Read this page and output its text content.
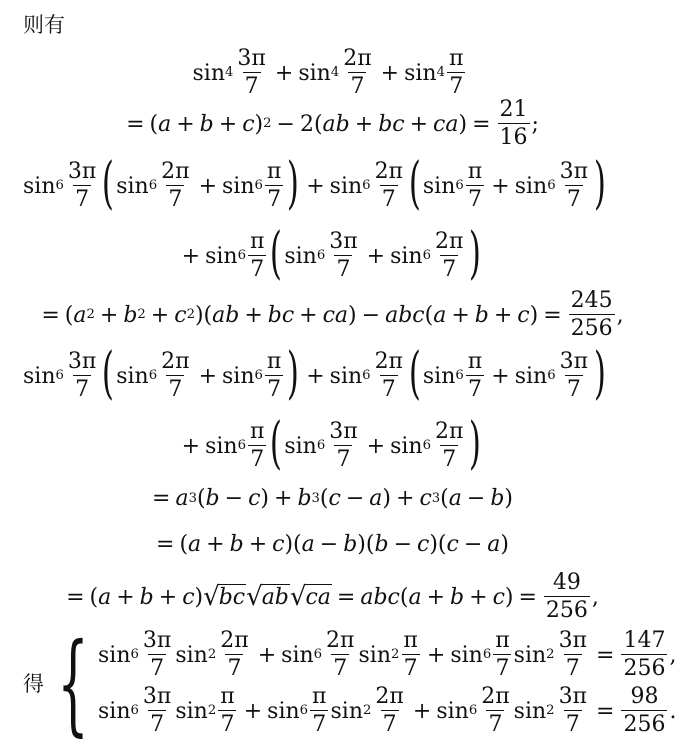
则有
$\sin 4 \frac{3\pi}{7} + \sin 4 \frac{2\pi}{7} + \sin 4 \frac{\pi}{7}$
= ( a + b + c ) 2 − 2( ab + bc + ca ) = $\frac{21}{16}$ ;
$\sin 6 \frac{3\pi}{7}$ ( $\sin 6 \frac{2\pi}{7} + \sin 6 \frac{\pi}{7}$ ) + $\sin 6 \frac{2\pi}{7}$ ( $\sin 6 \frac{\pi}{7} + \sin 6 \frac{3\pi}{7}$ )
+ $\sin 6 \frac{\pi}{7}$ ( $\sin 6 \frac{3\pi}{7} + \sin 6 \frac{2\pi}{7}$ )
= ( a 2 + b 2 + c 2 )( ab + bc + ca ) − abc ( a + b + c ) = $\frac{245}{256}$ ,
$\sin 6 \frac{3\pi}{7}$ ( $\sin 6 \frac{2\pi}{7} + \sin 6 \frac{\pi}{7}$ ) + $\sin 6 \frac{2\pi}{7}$ ( $\sin 6 \frac{\pi}{7} + \sin 6 \frac{3\pi}{7}$ )
+ $\sin 6 \frac{\pi}{7}$ ( $\sin 6 \frac{3\pi}{7} + \sin 6 \frac{2\pi}{7}$ )
= a 3 ( b − c ) + b 3 ( c − a ) + c 3 ( a − b )
= ( a + b + c )( a − b )( b − c )( c − a )
= ( a + b + c ) √ bc √ ab √ ca = abc ( a + b + c ) = $\frac{49}{256}$ ,
得 { $\sin 6 \frac{3\pi}{7}$ $\sin 2 \frac{2\pi}{7} + \sin 6 \frac{2\pi}{7}$ $\sin 2 \frac{\pi}{7} + \sin 6 \frac{\pi}{7}$ $\sin 2 \frac{3\pi}{7} = \frac{147}{256}$ ,
$\sin 6 \frac{3\pi}{7}$ $\sin 2 \frac{\pi}{7} + \sin 6 \frac{\pi}{7}$ $\sin 2 \frac{2\pi}{7} + \sin 6 \frac{2\pi}{7}$ $\sin 2 \frac{3\pi}{7} = \frac{98}{256}$ .
